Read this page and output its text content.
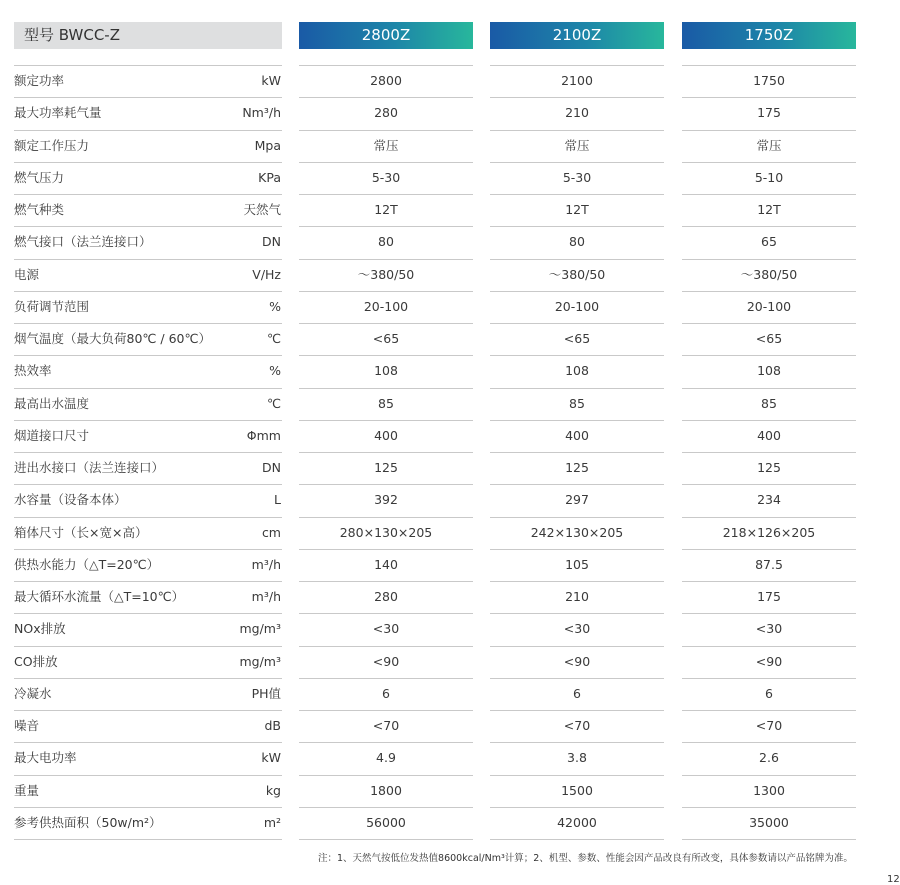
型号 BWCC-Z	2800Z	2100Z	1750Z
额定功率	kW	2800	2100	1750
最大功率耗气量	Nm³/h	280	210	175
额定工作压力	Mpa	常压	常压	常压
燃气压力	KPa	5-30	5-30	5-10
燃气种类	天然气	12T	12T	12T
燃气接口（法兰连接口）	DN	80	80	65
电源	V/Hz	～380/50	～380/50	～380/50
负荷调节范围	%	20-100	20-100	20-100
烟气温度（最大负荷80℃ / 60℃）	℃	<65	<65	<65
热效率	%	108	108	108
最高出水温度	℃	85	85	85
烟道接口尺寸	Φmm	400	400	400
进出水接口（法兰连接口）	DN	125	125	125
水容量（设备本体）	L	392	297	234
箱体尺寸（长×宽×高）	cm	280×130×205	242×130×205	218×126×205
供热水能力（△T=20℃）	m³/h	140	105	87.5
最大循环水流量（△T=10℃）	m³/h	280	210	175
NOx排放	mg/m³	<30	<30	<30
CO排放	mg/m³	<90	<90	<90
冷凝水	PH值	6	6	6
噪音	dB	<70	<70	<70
最大电功率	kW	4.9	3.8	2.6
重量	kg	1800	1500	1300
参考供热面积（50w/m²）	m²	56000	42000	35000
注：1、天然气按低位发热值8600kcal/Nm³计算；2、机型、参数、性能会因产品改良有所改变，具体参数请以产品铭牌为准。
12
